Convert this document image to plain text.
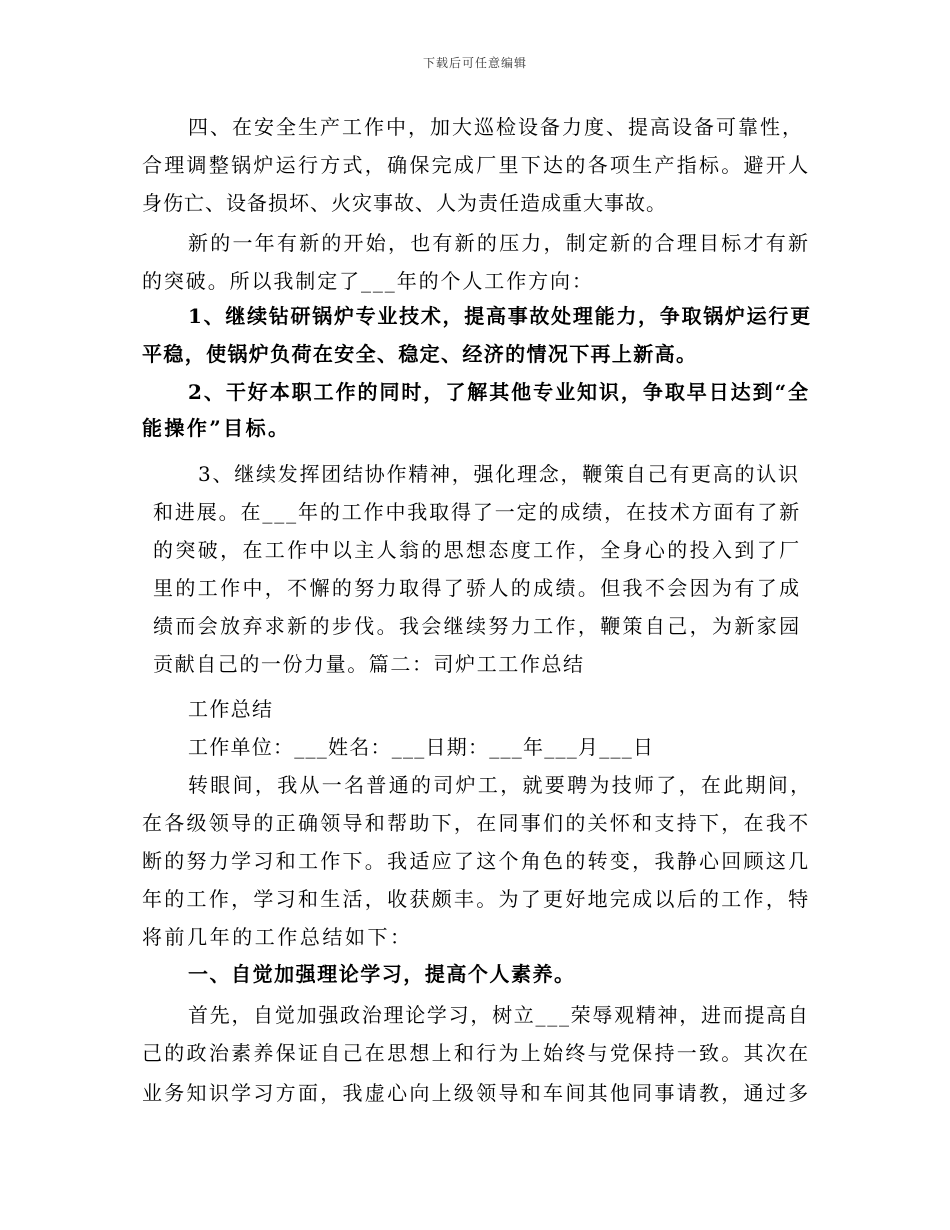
下载后可任意编辑
四、在安全生产工作中，加大巡检设备力度、提高设备可靠性，
合理调整锅炉运行方式，确保完成厂里下达的各项生产指标。避开人
身伤亡、设备损坏、火灾事故、人为责任造成重大事故。
新的一年有新的开始，也有新的压力，制定新的合理目标才有新
的突破。所以我制定了___年的个人工作方向：
1、继续钻研锅炉专业技术，提高事故处理能力，争取锅炉运行更
平稳，使锅炉负荷在安全、稳定、经济的情况下再上新高。
2、干好本职工作的同时，了解其他专业知识，争取早日达到“全
能操作”目标。
3、继续发挥团结协作精神，强化理念，鞭策自己有更高的认识
和进展。在___年的工作中我取得了一定的成绩，在技术方面有了新
的突破，在工作中以主人翁的思想态度工作，全身心的投入到了厂
里的工作中，不懈的努力取得了骄人的成绩。但我不会因为有了成
绩而会放弃求新的步伐。我会继续努力工作，鞭策自己，为新家园
贡献自己的一份力量。篇二：司炉工工作总结
工作总结
工作单位：___姓名：___日期：___年___月___日
转眼间，我从一名普通的司炉工，就要聘为技师了，在此期间，
在各级领导的正确领导和帮助下，在同事们的关怀和支持下，在我不
断的努力学习和工作下。我适应了这个角色的转变，我静心回顾这几
年的工作，学习和生活，收获颇丰。为了更好地完成以后的工作，特
将前几年的工作总结如下：
一、自觉加强理论学习，提高个人素养。
首先，自觉加强政治理论学习，树立___荣辱观精神，进而提高自
己的政治素养保证自己在思想上和行为上始终与党保持一致。其次在
业务知识学习方面，我虚心向上级领导和车间其他同事请教，通过多
